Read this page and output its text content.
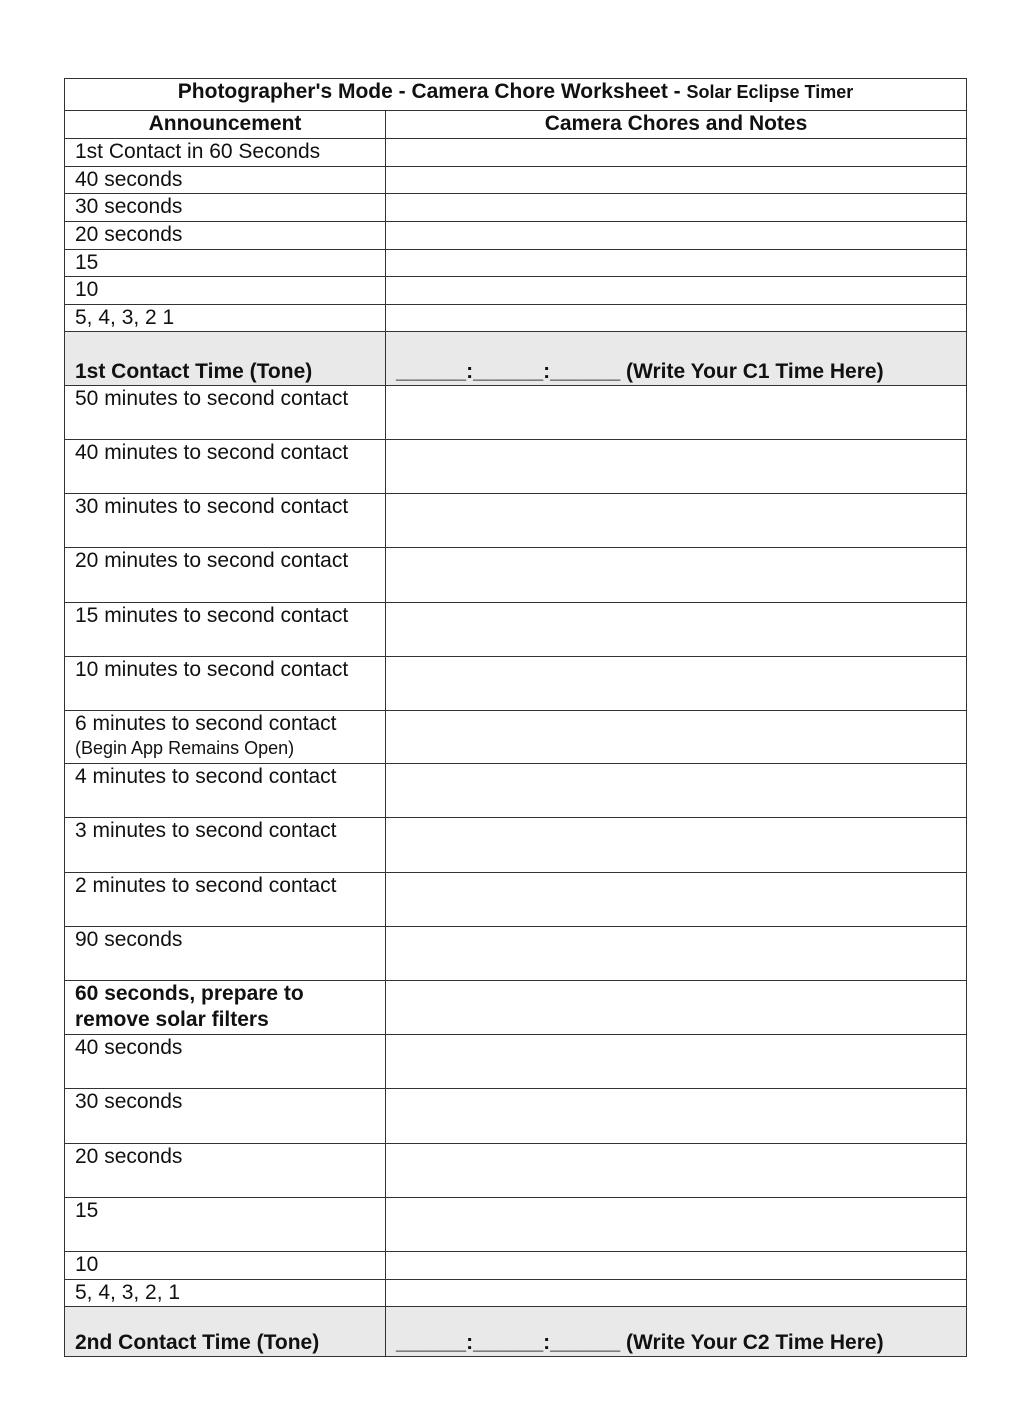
Photographer's Mode - Camera Chore Worksheet - Solar Eclipse Timer	
Announcement	Camera Chores and Notes
1st Contact in 60 Seconds	
40 seconds	
30 seconds	
20 seconds	
15	
10	
5, 4, 3, 2 1	
1st Contact Time (Tone)	______:______:______ (Write Your C1 Time Here)
50 minutes to second contact	
40 minutes to second contact	
30 minutes to second contact	
20 minutes to second contact	
15 minutes to second contact	
10 minutes to second contact	

6 minutes to second contact
(Begin App Remains Open)	

4 minutes to second contact	
3 minutes to second contact	
2 minutes to second contact	
90 seconds	
60 seconds, prepare to remove solar filters	
40 seconds	
30 seconds	
20 seconds	
15	
10	
5, 4, 3, 2, 1	
2nd Contact Time (Tone)	______:______:______ (Write Your C2 Time Here)
